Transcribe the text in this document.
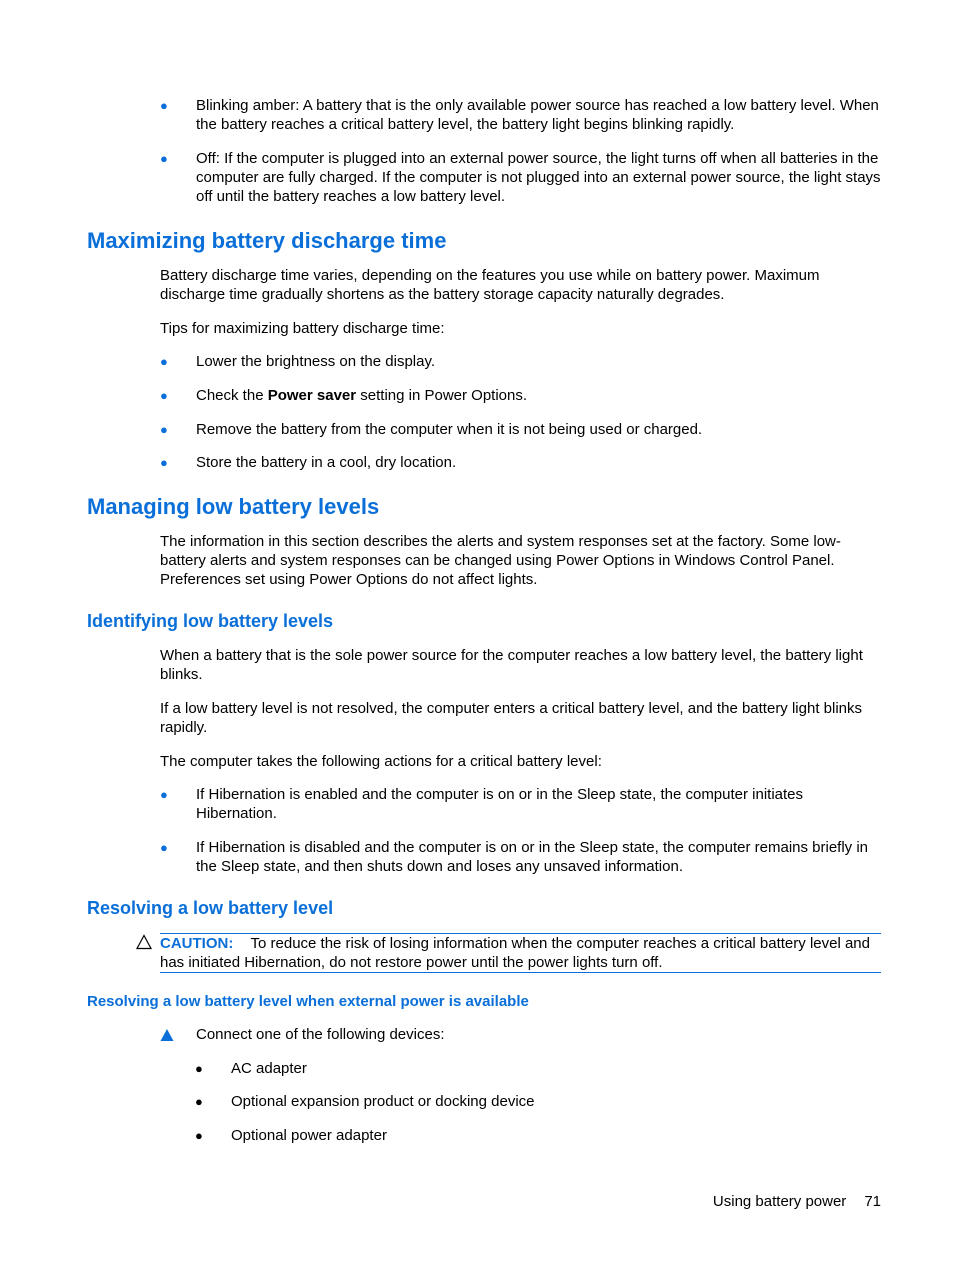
●	Blinking amber: A battery that is the only available power source has reached a low battery level. When the battery reaches a critical battery level, the battery light begins blinking rapidly.
●	Off: If the computer is plugged into an external power source, the light turns off when all batteries in the computer are fully charged. If the computer is not plugged into an external power source, the light stays off until the battery reaches a low battery level.
Maximizing battery discharge time

Battery discharge time varies, depending on the features you use while on battery power. Maximum discharge time gradually shortens as the battery storage capacity naturally degrades.

Tips for maximizing battery discharge time:

●	Lower the brightness on the display.
●	Check the Power saver setting in Power Options.
●	Remove the battery from the computer when it is not being used or charged.
●	Store the battery in a cool, dry location.
Managing low battery levels

The information in this section describes the alerts and system responses set at the factory. Some low-battery alerts and system responses can be changed using Power Options in Windows Control Panel. Preferences set using Power Options do not affect lights.

Identifying low battery levels

When a battery that is the sole power source for the computer reaches a low battery level, the battery light blinks.

If a low battery level is not resolved, the computer enters a critical battery level, and the battery light blinks rapidly.

The computer takes the following actions for a critical battery level:

●	If Hibernation is enabled and the computer is on or in the Sleep state, the computer initiates Hibernation.
●	If Hibernation is disabled and the computer is on or in the Sleep state, the computer remains briefly in the Sleep state, and then shuts down and loses any unsaved information.
Resolving a low battery level
CAUTION: To reduce the risk of losing information when the computer reaches a critical battery level and has initiated Hibernation, do not restore power until the power lights turn off.
Resolving a low battery level when external power is available
Connect one of the following devices:
● AC adapter
● Optional expansion product or docking device
● Optional power adapter
Using battery power 71
